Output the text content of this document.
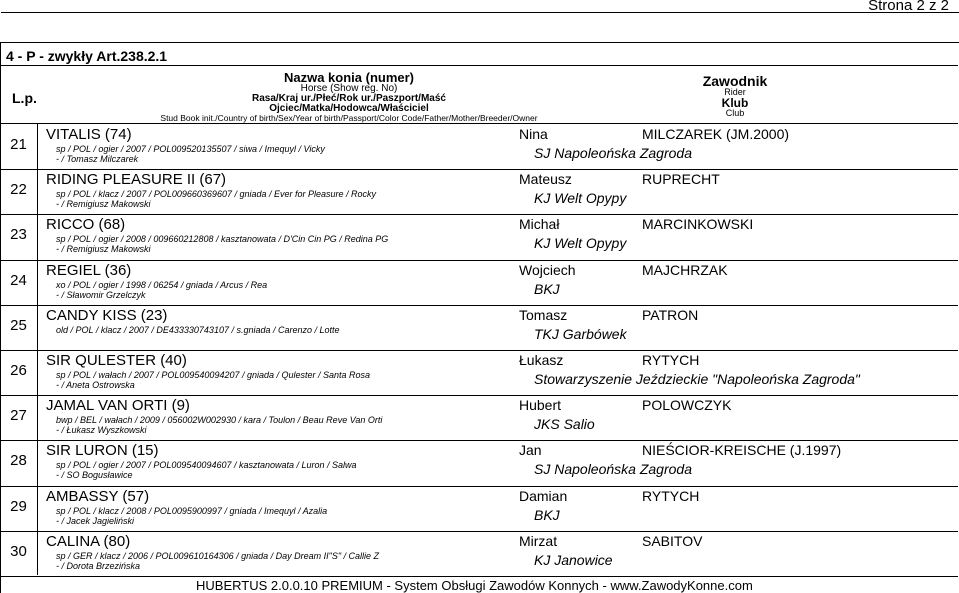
Strona 2 z 2
4 - P - zwykły Art.238.2.1
L.p.
Nazwa konia (numer)
Horse (Show reg. No)
Rasa/Kraj ur./Płeć/Rok ur./Paszport/Maść
Ojciec/Matka/Hodowca/Właściciel
Stud Book init./Country of birth/Sex/Year of birth/Passport/Color Code/Father/Mother/Breeder/Owner
Zawodnik
Rider
Klub
Club
21
VITALIS (74)
sp / POL / ogier / 2007 / POL009520135507 / siwa / Imequyl / Vicky
- / Tomasz Milczarek
Nina	MILCZAREK (JM.2000)
SJ Napoleońska Zagroda
22
RIDING PLEASURE II (67)
sp / POL / klacz / 2007 / POL009660369607 / gniada / Ever for Pleasure / Rocky
- / Remigiusz Makowski
Mateusz	RUPRECHT
KJ Welt Opypy
23
RICCO (68)
sp / POL / ogier / 2008 / 009660212808 / kasztanowata / D'Cin Cin PG / Redina PG
- / Remigiusz Makowski
Michał	MARCINKOWSKI
KJ Welt Opypy
24
REGIEL (36)
xo / POL / ogier / 1998 / 06254 / gniada / Arcus / Rea
- / Sławomir Grzelczyk
Wojciech	MAJCHRZAK
BKJ
25
CANDY KISS (23)
old / POL / klacz / 2007 / DE433330743107 / s.gniada / Carenzo / Lotte
Tomasz	PATRON
TKJ Garbówek
26
SIR QULESTER (40)
sp / POL / wałach / 2007 / POL009540094207 / gniada / Qulester / Santa Rosa
- / Aneta Ostrowska
Łukasz	RYTYCH
Stowarzyszenie Jeździeckie "Napoleońska Zagroda"
27
JAMAL VAN ORTI (9)
bwp / BEL / wałach / 2009 / 056002W002930 / kara / Toulon / Beau Reve Van Orti
- / Łukasz Wyszkowski
Hubert	POLOWCZYK
JKS Salio
28
SIR LURON (15)
sp / POL / ogier / 2007 / POL009540094607 / kasztanowata / Luron / Salwa
- / SO Bogusławice
Jan	NIEŚCIOR-KREISCHE (J.1997)
SJ Napoleońska Zagroda
29
AMBASSY (57)
sp / POL / klacz / 2008 / POL0095900997 / gniada / Imequyl / Azalia
- / Jacek Jagieliński
Damian	RYTYCH
BKJ
30
CALINA (80)
sp / GER / klacz / 2006 / POL009610164306 / gniada / Day Dream II"S" / Callie Z
- / Dorota Brzezińska
Mirzat	SABITOV
KJ Janowice
HUBERTUS 2.0.0.10 PREMIUM - System Obsługi Zawodów Konnych - www.ZawodyKonne.com
